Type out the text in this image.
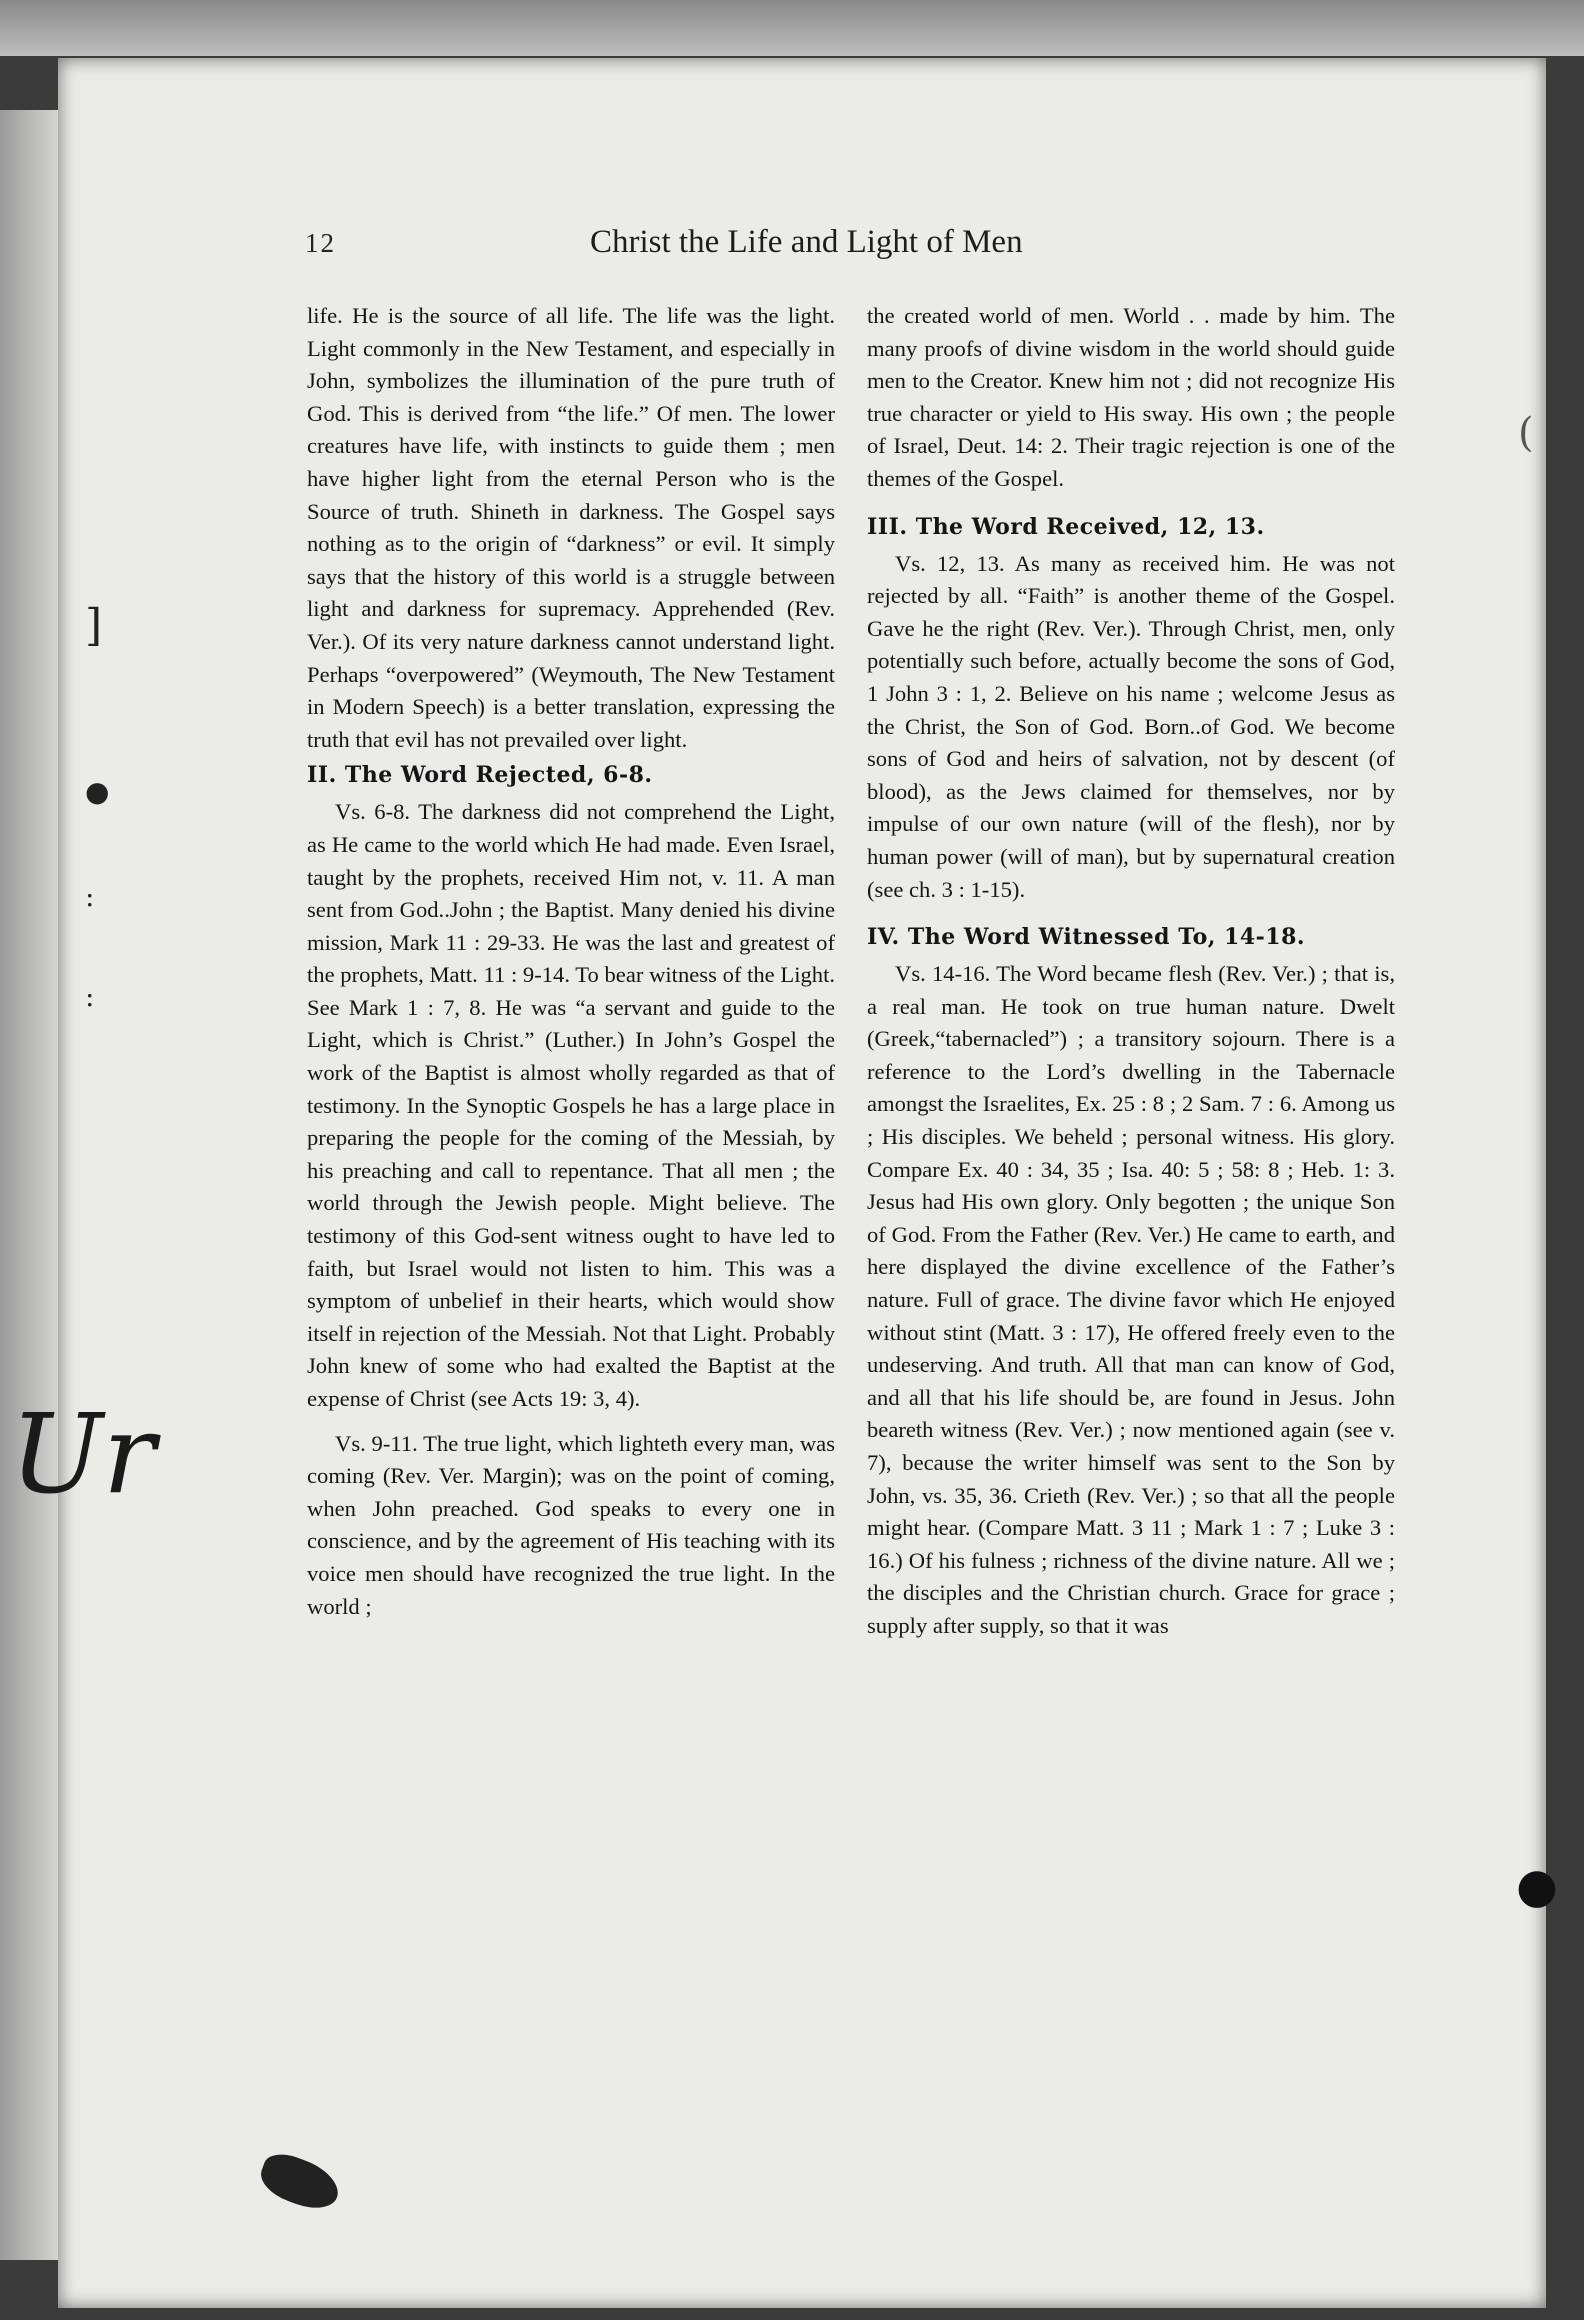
Ur
]
●
:
:
(
●
12	Christ the Life and Light of Men

life. He is the source of all life. The life was the light. Light commonly in the New Testament, and especially in John, symbolizes the illumination of the pure truth of God. This is derived from “the life.” Of men. The lower creatures have life, with instincts to guide them ; men have higher light from the eternal Person who is the Source of truth. Shineth in darkness. The Gospel says nothing as to the origin of “darkness” or evil. It simply says that the history of this world is a struggle between light and darkness for supremacy. Apprehended (Rev. Ver.). Of its very nature darkness cannot understand light. Perhaps “overpowered” (Weymouth, The New Testament in Modern Speech) is a better translation, expressing the truth that evil has not prevailed over light.

II. The Word Rejected, 6-8.

Vs. 6-8. The darkness did not comprehend the Light, as He came to the world which He had made. Even Israel, taught by the prophets, received Him not, v. 11. A man sent from God..John ; the Baptist. Many denied his divine mission, Mark 11 : 29-33. He was the last and greatest of the prophets, Matt. 11 : 9-14. To bear witness of the Light. See Mark 1 : 7, 8. He was “a servant and guide to the Light, which is Christ.” (Luther.) In John’s Gospel the work of the Baptist is almost wholly regarded as that of testimony. In the Synoptic Gospels he has a large place in preparing the people for the coming of the Messiah, by his preaching and call to repentance. That all men ; the world through the Jewish people. Might believe. The testimony of this God-sent witness ought to have led to faith, but Israel would not listen to him. This was a symptom of unbelief in their hearts, which would show itself in rejection of the Messiah. Not that Light. Probably John knew of some who had exalted the Baptist at the expense of Christ (see Acts 19: 3, 4).

Vs. 9-11. The true light, which lighteth every man, was coming (Rev. Ver. Margin); was on the point of coming, when John preached. God speaks to every one in conscience, and by the agreement of His teaching with its voice men should have recognized the true light. In the world ;

the created world of men. World . . made by him. The many proofs of divine wisdom in the world should guide men to the Creator. Knew him not ; did not recognize His true character or yield to His sway. His own ; the people of Israel, Deut. 14: 2. Their tragic rejection is one of the themes of the Gospel.

III. The Word Received, 12, 13.

Vs. 12, 13. As many as received him. He was not rejected by all. “Faith” is another theme of the Gospel. Gave he the right (Rev. Ver.). Through Christ, men, only potentially such before, actually become the sons of God, 1 John 3 : 1, 2. Believe on his name ; welcome Jesus as the Christ, the Son of God. Born..of God. We become sons of God and heirs of salvation, not by descent (of blood), as the Jews claimed for themselves, nor by impulse of our own nature (will of the flesh), nor by human power (will of man), but by supernatural creation (see ch. 3 : 1-15).

IV. The Word Witnessed To, 14-18.

Vs. 14-16. The Word became flesh (Rev. Ver.) ; that is, a real man. He took on true human nature. Dwelt (Greek,“tabernacled”) ; a transitory sojourn. There is a reference to the Lord’s dwelling in the Tabernacle amongst the Israelites, Ex. 25 : 8 ; 2 Sam. 7 : 6. Among us ; His disciples. We beheld ; personal witness. His glory. Compare Ex. 40 : 34, 35 ; Isa. 40: 5 ; 58: 8 ; Heb. 1: 3. Jesus had His own glory. Only begotten ; the unique Son of God. From the Father (Rev. Ver.) He came to earth, and here displayed the divine excellence of the Father’s nature. Full of grace. The divine favor which He enjoyed without stint (Matt. 3 : 17), He offered freely even to the undeserving. And truth. All that man can know of God, and all that his life should be, are found in Jesus. John beareth witness (Rev. Ver.) ; now mentioned again (see v. 7), because the writer himself was sent to the Son by John, vs. 35, 36. Crieth (Rev. Ver.) ; so that all the people might hear. (Compare Matt. 3 11 ; Mark 1 : 7 ; Luke 3 : 16.) Of his fulness ; richness of the divine nature. All we ; the disciples and the Christian church. Grace for grace ; supply after supply, so that it was
